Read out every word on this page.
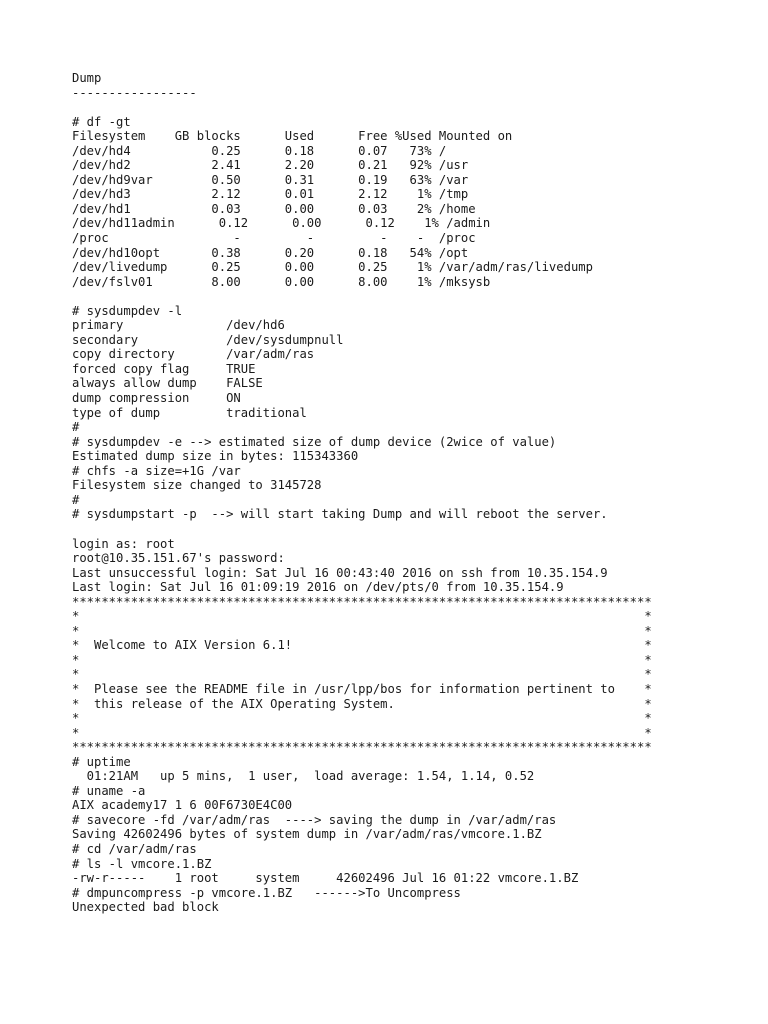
Dump
-----------------
# df -gt
Filesystem    GB blocks      Used      Free %Used Mounted on
/dev/hd4           0.25      0.18      0.07   73% /
/dev/hd2           2.41      2.20      0.21   92% /usr
/dev/hd9var        0.50      0.31      0.19   63% /var
/dev/hd3           2.12      0.01      2.12    1% /tmp
/dev/hd1           0.03      0.00      0.03    2% /home
/dev/hd11admin      0.12      0.00      0.12    1% /admin
/proc                 -         -         -    -  /proc
/dev/hd10opt       0.38      0.20      0.18   54% /opt
/dev/livedump      0.25      0.00      0.25    1% /var/adm/ras/livedump
/dev/fslv01        8.00      0.00      8.00    1% /mksysb
# sysdumpdev -l
primary              /dev/hd6
secondary            /dev/sysdumpnull
copy directory       /var/adm/ras
forced copy flag     TRUE
always allow dump    FALSE
dump compression     ON
type of dump         traditional
#
# sysdumpdev -e --> estimated size of dump device (2wice of value)
Estimated dump size in bytes: 115343360
# chfs -a size=+1G /var
Filesystem size changed to 3145728
#
# sysdumpstart -p  --> will start taking Dump and will reboot the server.
login as: root
root@10.35.151.67's password:
Last unsuccessful login: Sat Jul 16 00:43:40 2016 on ssh from 10.35.154.9
Last login: Sat Jul 16 01:09:19 2016 on /dev/pts/0 from 10.35.154.9
*******************************************************************************
*                                                                             *
*                                                                             *
*  Welcome to AIX Version 6.1!                                                *
*                                                                             *
*                                                                             *
*  Please see the README file in /usr/lpp/bos for information pertinent to    *
*  this release of the AIX Operating System.                                  *
*                                                                             *
*                                                                             *
*******************************************************************************
# uptime
01:21AM   up 5 mins,  1 user,  load average: 1.54, 1.14, 0.52
# uname -a
AIX academy17 1 6 00F6730E4C00
# savecore -fd /var/adm/ras  ----> saving the dump in /var/adm/ras
Saving 42602496 bytes of system dump in /var/adm/ras/vmcore.1.BZ
# cd /var/adm/ras
# ls -l vmcore.1.BZ
-rw-r-----    1 root     system     42602496 Jul 16 01:22 vmcore.1.BZ
# dmpuncompress -p vmcore.1.BZ   ------>To Uncompress
Unexpected bad block
